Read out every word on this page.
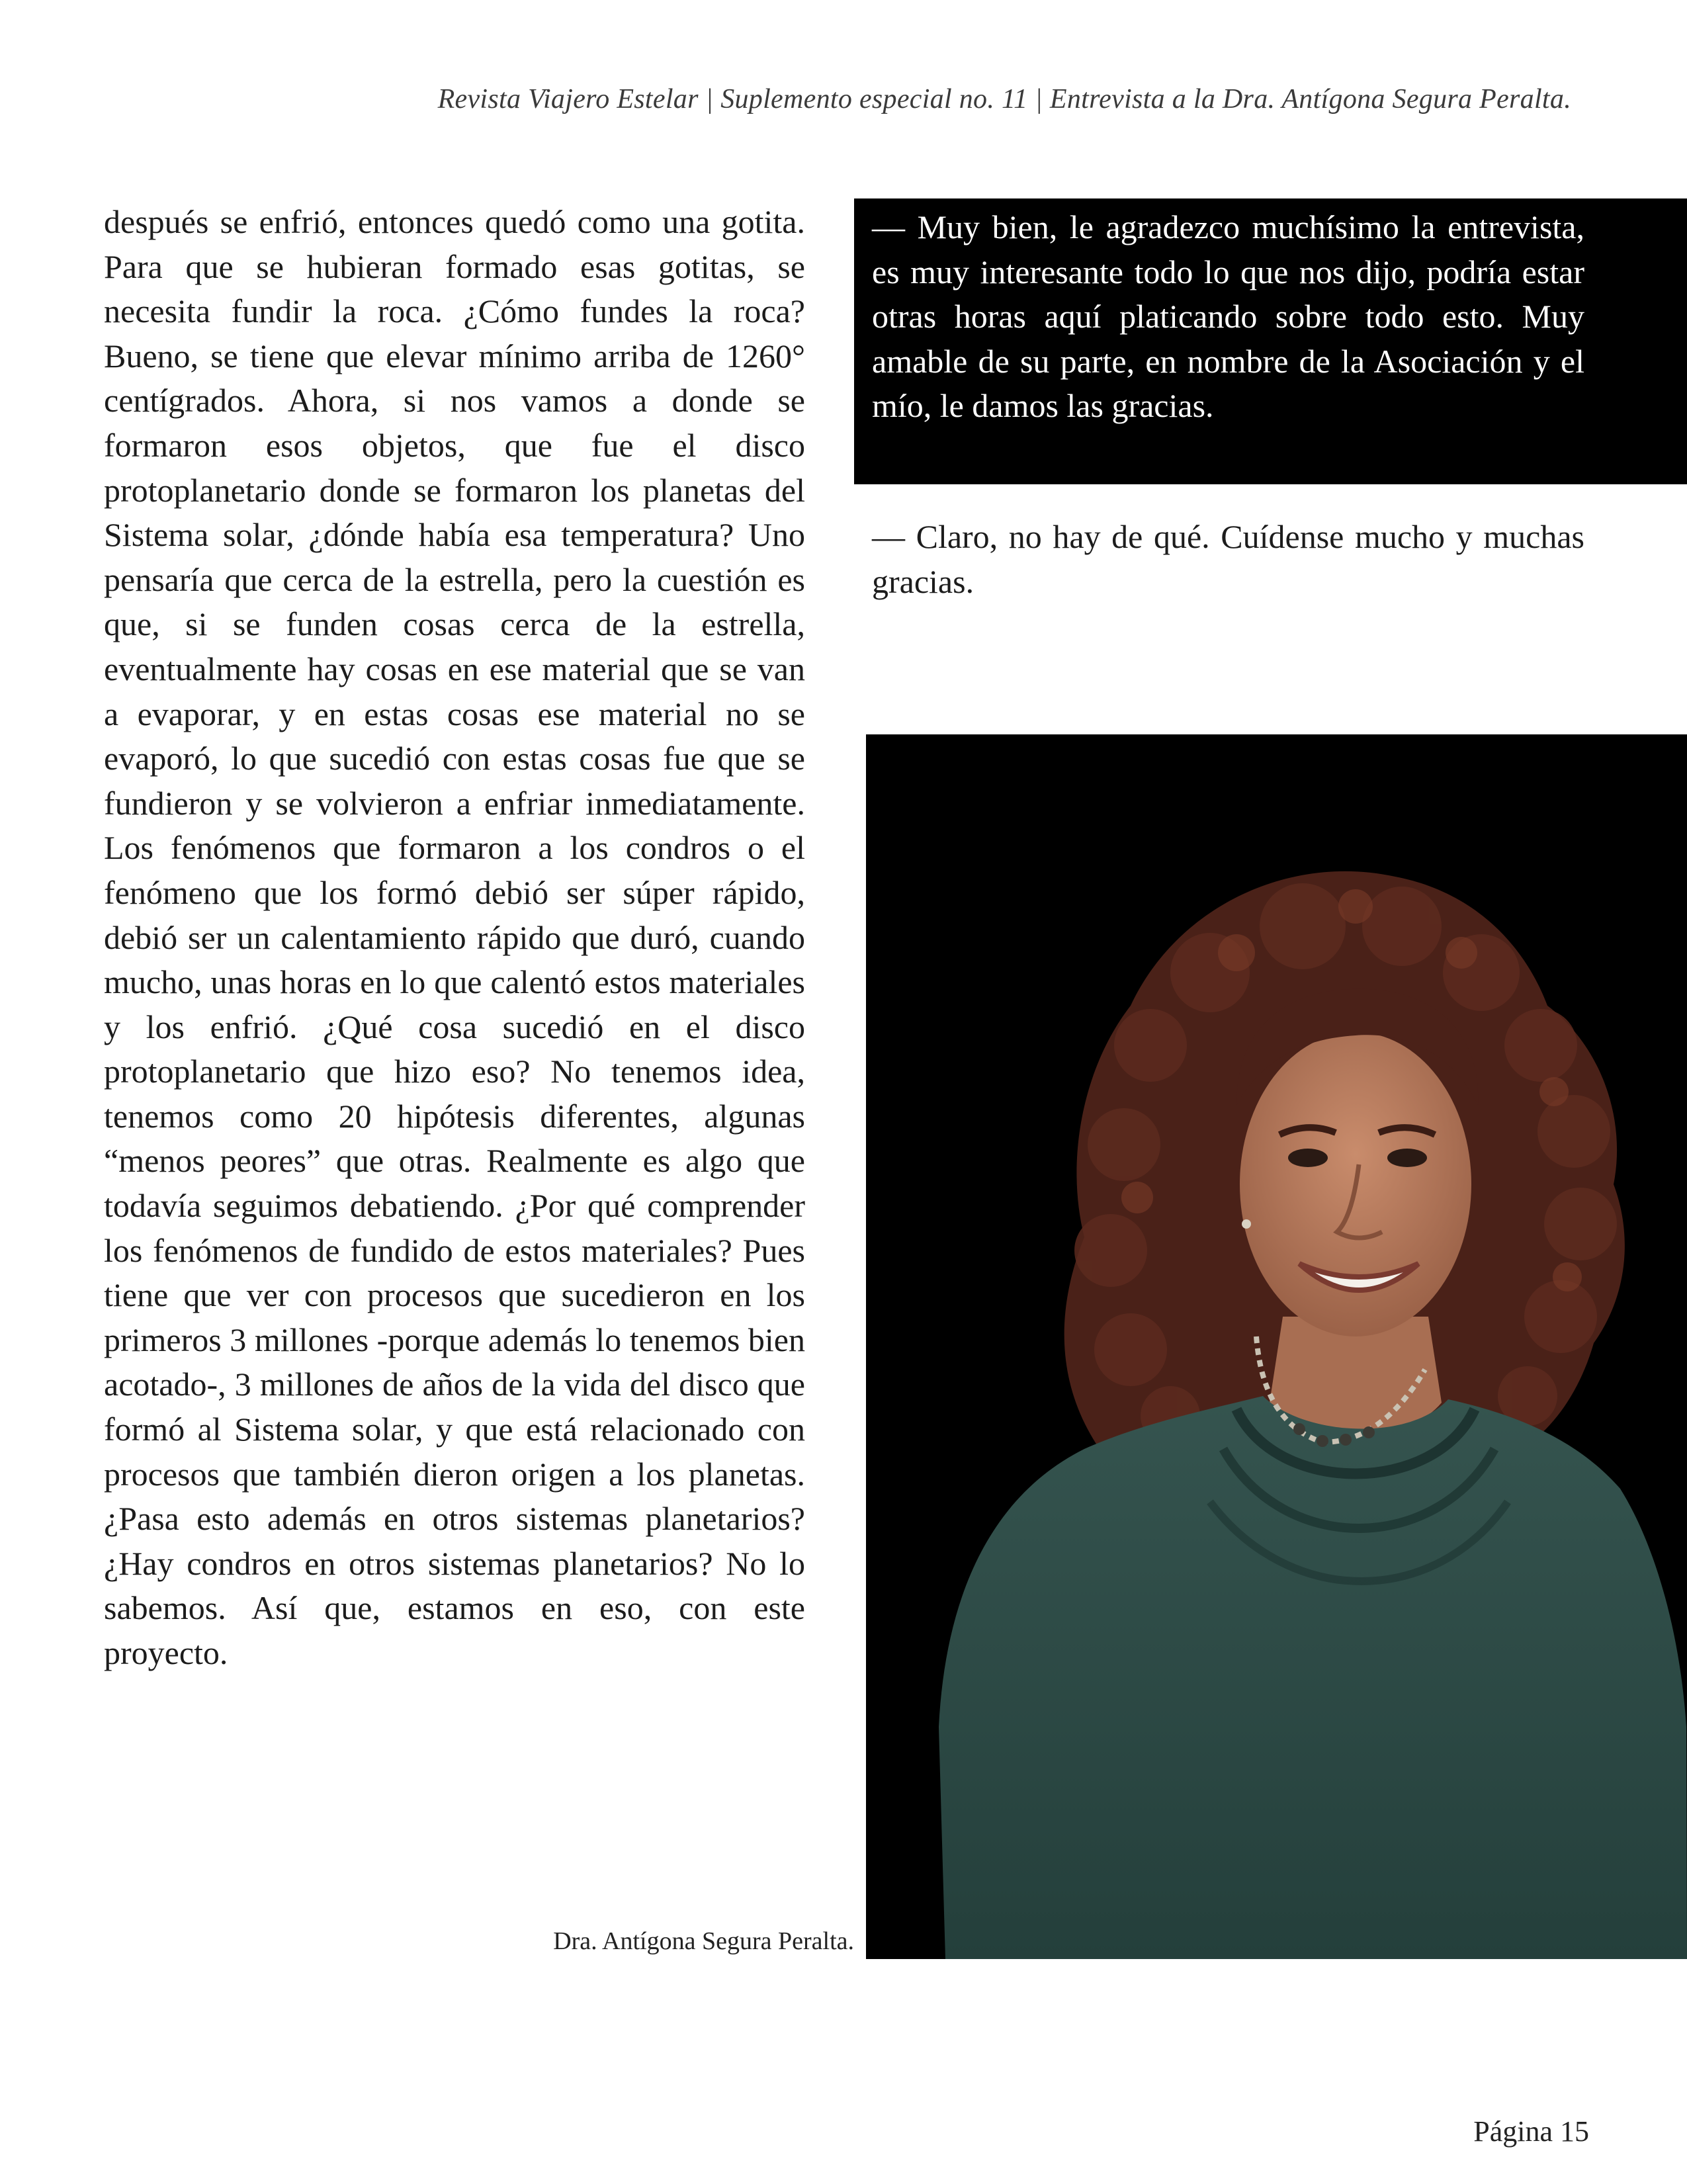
Revista Viajero Estelar | Suplemento especial no. 11 | Entrevista a la Dra. Antígona Segura Peralta.

después se enfrió, entonces quedó como una gotita. Para que se hubieran formado esas gotitas, se necesita fundir la roca. ¿Cómo fundes la roca? Bueno, se tiene que elevar mínimo arriba de 1260° centígrados. Ahora, si nos vamos a donde se formaron esos objetos, que fue el disco protoplanetario donde se formaron los planetas del Sistema solar, ¿dónde había esa temperatura? Uno pensaría que cerca de la estrella, pero la cuestión es que, si se funden cosas cerca de la estrella, eventualmente hay cosas en ese material que se van a evaporar, y en estas cosas ese material no se evaporó, lo que sucedió con estas cosas fue que se fundieron y se volvieron a enfriar inmediatamente. Los fenómenos que formaron a los condros o el fenómeno que los formó debió ser súper rápido, debió ser un calentamiento rápido que duró, cuando mucho, unas horas en lo que calentó estos materiales y los enfrió. ¿Qué cosa sucedió en el disco protoplanetario que hizo eso? No tenemos idea, tenemos como 20 hipótesis diferentes, algunas “menos peores” que otras. Realmente es algo que todavía seguimos debatiendo. ¿Por qué comprender los fenómenos de fundido de estos materiales? Pues tiene que ver con procesos que sucedieron en los primeros 3 millones -porque además lo tenemos bien acotado-, 3 millones de años de la vida del disco que formó al Sistema solar, y que está relacionado con procesos que también dieron origen a los planetas. ¿Pasa esto además en otros sistemas planetarios? ¿Hay condros en otros sistemas planetarios? No lo sabemos. Así que, estamos en eso, con este proyecto.

— Muy bien, le agradezco muchísimo la entrevista, es muy interesante todo lo que nos dijo, podría estar otras horas aquí platicando sobre todo esto. Muy amable de su parte, en nombre de la Asociación y el mío, le damos las gracias.

— Claro, no hay de qué. Cuídense mucho y muchas gracias.

Dra. Antígona Segura Peralta.

Página 15
